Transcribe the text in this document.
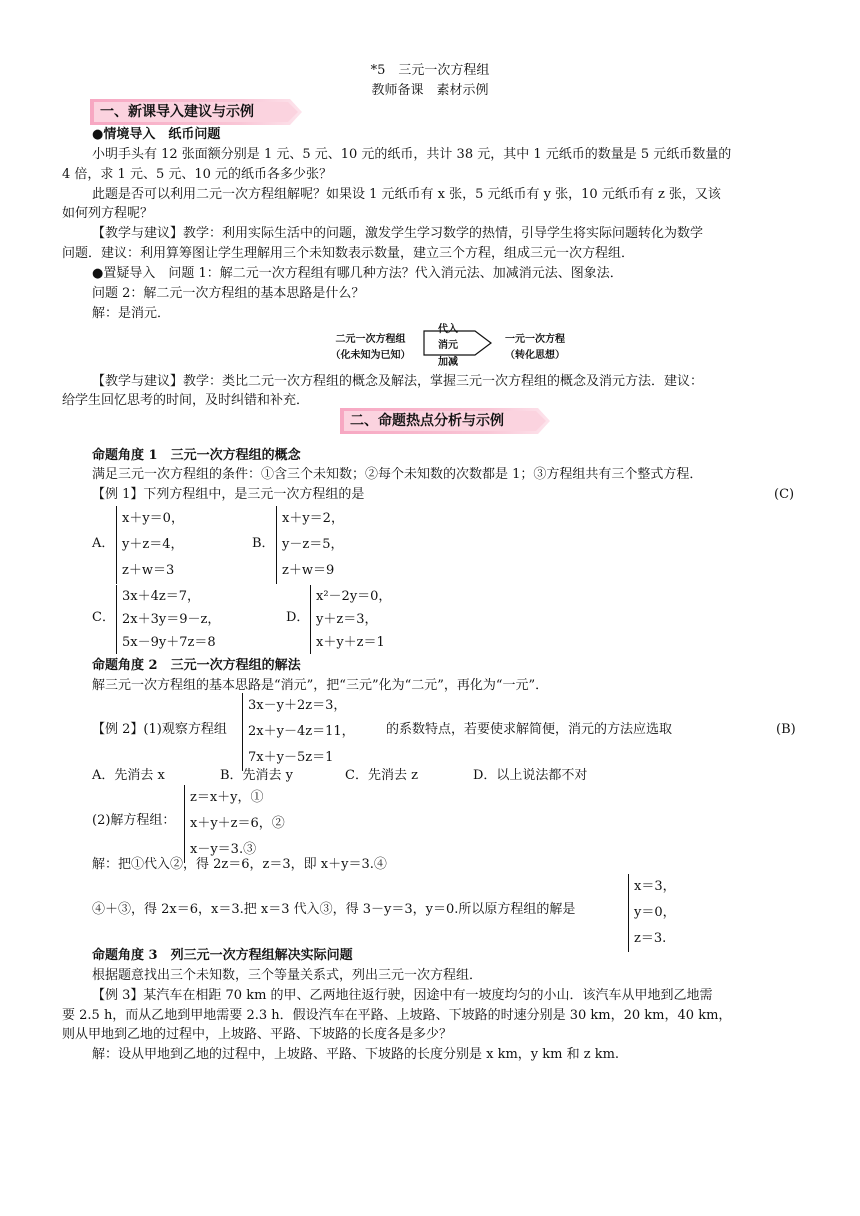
*5　三元一次方程组
教师备课　素材示例
一、新课导入建议与示例
●情境导入　纸币问题
小明手头有 12 张面额分别是 1 元、5 元、10 元的纸币，共计 38 元，其中 1 元纸币的数量是 5 元纸币数量的
4 倍，求 1 元、5 元、10 元的纸币各多少张？
此题是否可以利用二元一次方程组解呢？如果设 1 元纸币有 x 张，5 元纸币有 y 张，10 元纸币有 z 张，又该
如何列方程呢？
【教学与建议】教学：利用实际生活中的问题，激发学生学习数学的热情，引导学生将实际问题转化为数学
问题．建议：利用算筹图让学生理解用三个未知数表示数量，建立三个方程，组成三元一次方程组．
●置疑导入　问题 1：解二元一次方程组有哪几种方法？代入消元法、加减消元法、图象法．
问题 2：解二元一次方程组的基本思路是什么？
解：是消元．
二元一次方程组
（化未知为已知）
代入
消元
加减
一元一次方程
（转化思想）
【教学与建议】教学：类比二元一次方程组的概念及解法，掌握三元一次方程组的概念及消元方法．建议：
给学生回忆思考的时间，及时纠错和补充．
二、命题热点分析与示例
命题角度 1　三元一次方程组的概念
满足三元一次方程组的条件：①含三个未知数；②每个未知数的次数都是 1；③方程组共有三个整式方程．
【例 1】下列方程组中，是三元一次方程组的是	(C)
A．
x＋y＝0，
y＋z＝4，
z＋w＝3
B．
x＋y＝2，
y－z＝5，
z＋w＝9
C．
3x＋4z＝7，
2x＋3y＝9－z，
5x－9y＋7z＝8
D．
x²－2y＝0，
y＋z＝3，
x＋y＋z＝1
命题角度 2　三元一次方程组的解法
解三元一次方程组的基本思路是“消元”，把“三元”化为“二元”，再化为“一元”．
【例 2】(1)观察方程组
3x－y＋2z＝3，
2x＋y－4z＝11，
7x＋y－5z＝1
的系数特点，若要使求解简便，消元的方法应选取	(B)
A．先消去 x	B．先消去 y	C．先消去 z	D．以上说法都不对
(2)解方程组：
z＝x＋y，①
x＋y＋z＝6，②
x－y＝3.③
解：把①代入②，得 2z＝6，z＝3，即 x＋y＝3.④
④＋③，得 2x＝6，x＝3.把 x＝3 代入③，得 3－y＝3，y＝0.所以原方程组的解是
x＝3，
y＝0，
z＝3.
命题角度 3　列三元一次方程组解决实际问题
根据题意找出三个未知数，三个等量关系式，列出三元一次方程组．
【例 3】某汽车在相距 70 km 的甲、乙两地往返行驶，因途中有一坡度均匀的小山．该汽车从甲地到乙地需
要 2.5 h，而从乙地到甲地需要 2.3 h．假设汽车在平路、上坡路、下坡路的时速分别是 30 km，20 km，40 km，
则从甲地到乙地的过程中，上坡路、平路、下坡路的长度各是多少？
解：设从甲地到乙地的过程中，上坡路、平路、下坡路的长度分别是 x km，y km 和 z km.
